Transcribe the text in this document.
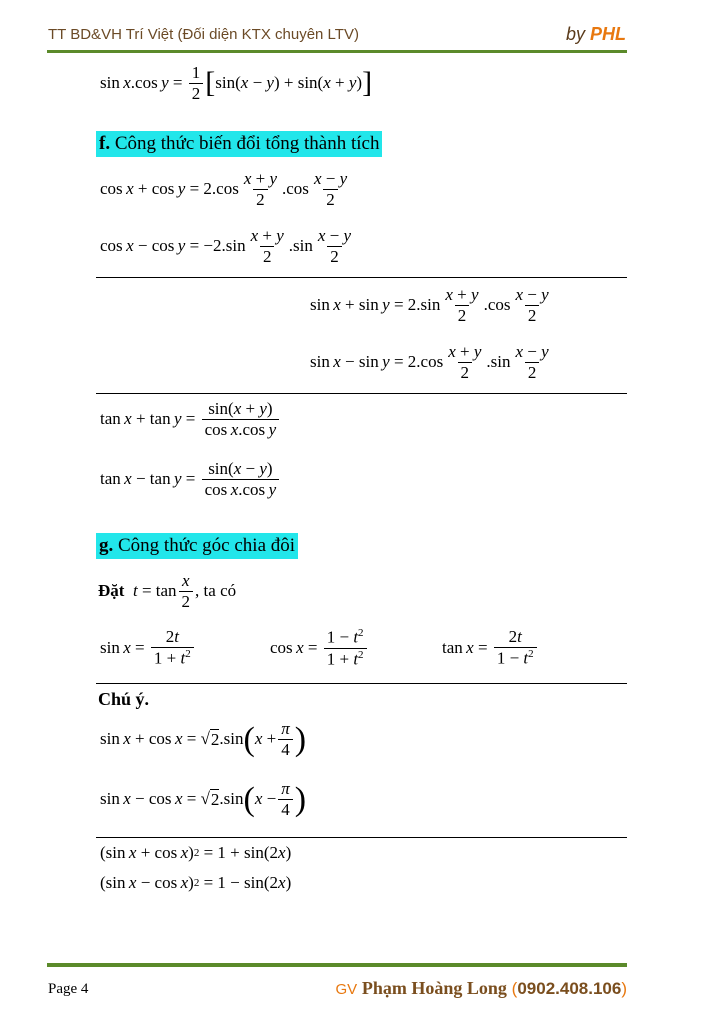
TT BD&VH Trí Việt (Đối diện KTX chuyên LTV)	by PHL
sin  x .cos  y =
1
2 [ sin( x − y ) + sin( x + y ) ]
f. Công thức biến đổi tổng thành tích
cos  x + cos  y = 2.cos
x + y
2
.cos
x − y
2
cos  x − cos  y = −2.sin
x + y
2
.sin
x − y
2
sin  x + sin  y = 2.sin
x + y
2
.cos
x − y
2
sin  x − sin  y = 2.cos
x + y
2
.sin
x − y
2
tan  x + tan  y =
sin(x + y)
cos x.cos y
tan  x − tan  y =
sin(x − y)
cos x.cos y
g. Công thức góc chia đôi
Đặt
t = tan
x
2
, ta có
sin  x =
2t
$1 + t^2$	cos  x =
$1 - t^2$
$1 + t^2$	tan  x =
2t
$1 - t^2$
Chú ý.
sin  x + cos  x = √ 2 .sin ( x +
π
4 )
sin  x − cos  x = √ 2 .sin ( x −
π
4 )
(sin  x + cos  x ) 2 = 1 + sin(2 x )
(sin  x − cos  x ) 2 = 1 − sin(2 x )
Page 4	GV Phạm Hoàng Long (0902.408.106)
